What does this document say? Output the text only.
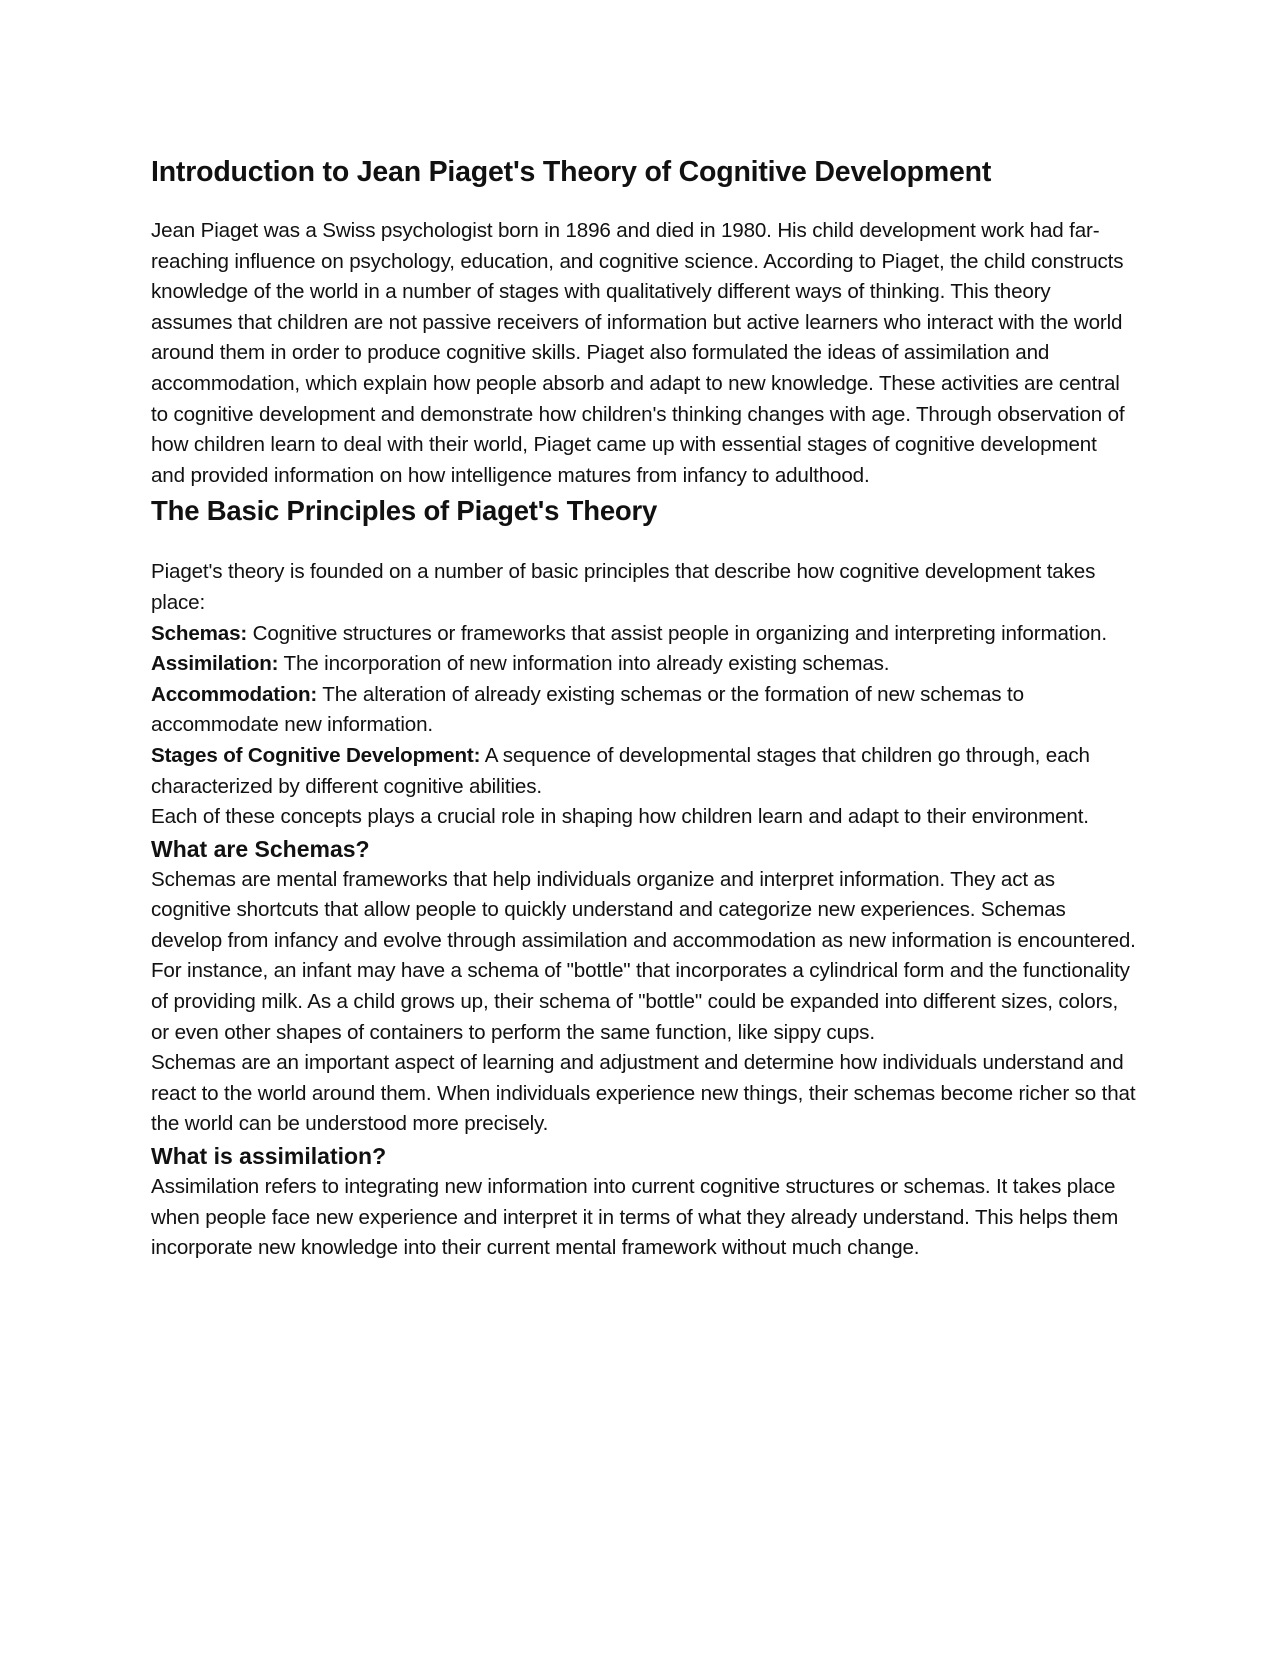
Introduction to Jean Piaget's Theory of Cognitive Development

Jean Piaget was a Swiss psychologist born in 1896 and died in 1980. His child development work had far-reaching influence on psychology, education, and cognitive science. According to Piaget, the child constructs knowledge of the world in a number of stages with qualitatively different ways of thinking. This theory assumes that children are not passive receivers of information but active learners who interact with the world around them in order to produce cognitive skills. Piaget also formulated the ideas of assimilation and accommodation, which explain how people absorb and adapt to new knowledge. These activities are central to cognitive development and demonstrate how children's thinking changes with age. Through observation of how children learn to deal with their world, Piaget came up with essential stages of cognitive development and provided information on how intelligence matures from infancy to adulthood.

The Basic Principles of Piaget's Theory

Piaget's theory is founded on a number of basic principles that describe how cognitive development takes place:

Schemas: Cognitive structures or frameworks that assist people in organizing and interpreting information.

Assimilation: The incorporation of new information into already existing schemas.

Accommodation: The alteration of already existing schemas or the formation of new schemas to accommodate new information.

Stages of Cognitive Development: A sequence of developmental stages that children go through, each characterized by different cognitive abilities.

Each of these concepts plays a crucial role in shaping how children learn and adapt to their environment.

What are Schemas?

Schemas are mental frameworks that help individuals organize and interpret information. They act as cognitive shortcuts that allow people to quickly understand and categorize new experiences. Schemas develop from infancy and evolve through assimilation and accommodation as new information is encountered.

For instance, an infant may have a schema of "bottle" that incorporates a cylindrical form and the functionality of providing milk. As a child grows up, their schema of "bottle" could be expanded into different sizes, colors, or even other shapes of containers to perform the same function, like sippy cups.

Schemas are an important aspect of learning and adjustment and determine how individuals understand and react to the world around them. When individuals experience new things, their schemas become richer so that the world can be understood more precisely.

What is assimilation?

Assimilation refers to integrating new information into current cognitive structures or schemas. It takes place when people face new experience and interpret it in terms of what they already understand. This helps them incorporate new knowledge into their current mental framework without much change.
